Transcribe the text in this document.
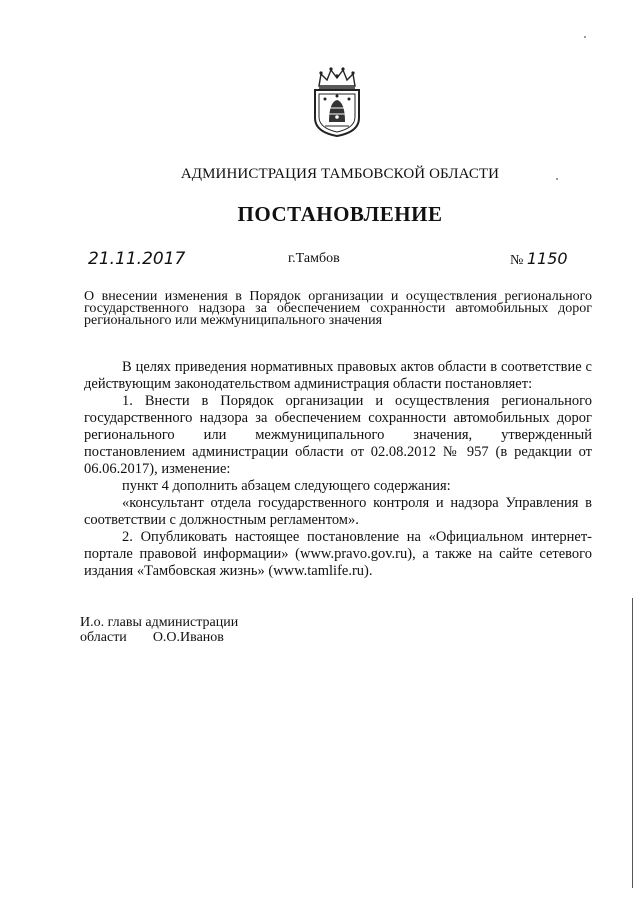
АДМИНИСТРАЦИЯ ТАМБОВСКОЙ ОБЛАСТИ
ПОСТАНОВЛЕНИЕ
21.11.2017	г.Тамбов	№ 1150
О внесении изменения в Порядок организации и осуществления регионального государственного надзора за обеспечением сохранности автомобильных дорог регионального или межмуниципального значения

В целях приведения нормативных правовых актов области в соответствие с действующим законодательством администрация области постановляет:

1. Внести в Порядок организации и осуществления регионального государственного надзора за обеспечением сохранности автомобильных дорог регионального или межмуниципального значения, утвержденный постановлением администрации области от 02.08.2012 № 957 (в редакции от 06.06.2017), изменение:

пункт 4 дополнить абзацем следующего содержания:

«консультант отдела государственного контроля и надзора Управления в соответствии с должностным регламентом».

2. Опубликовать настоящее постановление на «Официальном интернет-портале правовой информации» (www.pravo.gov.ru), а также на сайте сетевого издания «Тамбовская жизнь» (www.tamlife.ru).

И.о. главы администрации
области О.О.Иванов
